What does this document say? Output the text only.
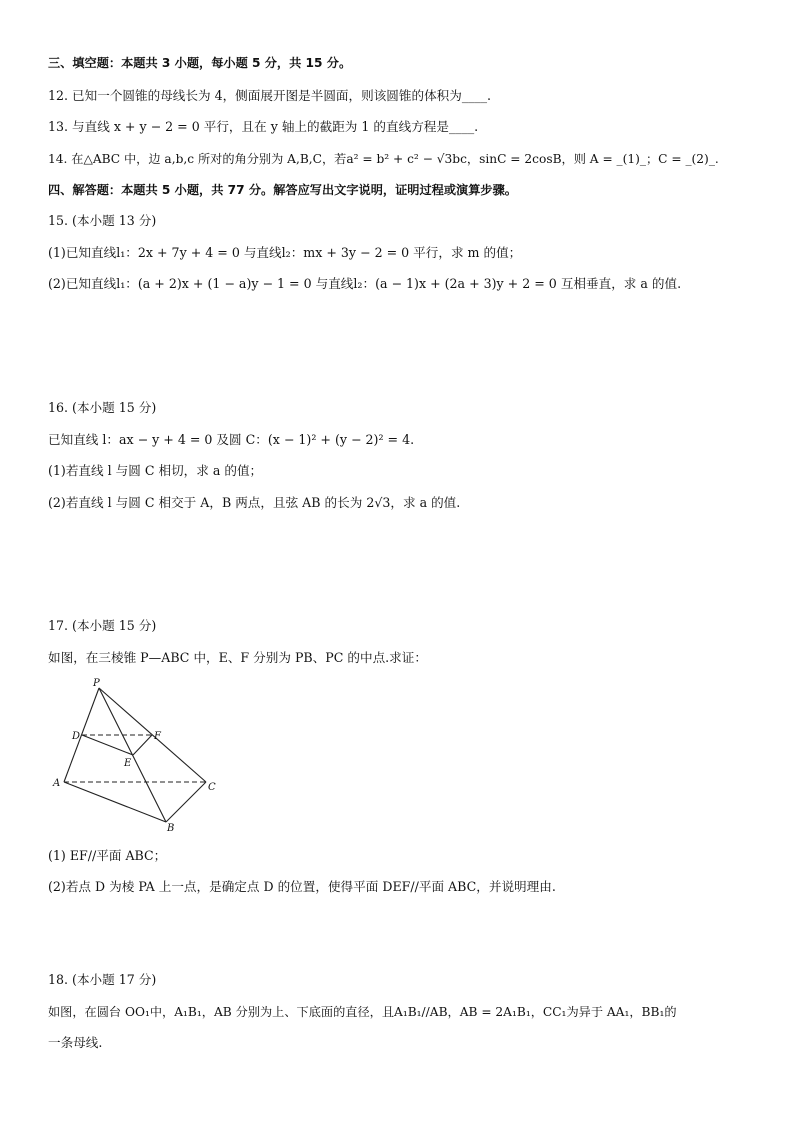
三、填空题：本题共 3 小题，每小题 5 分，共 15 分。
12. 已知一个圆锥的母线长为 4，侧面展开图是半圆面，则该圆锥的体积为____.
13. 与直线 x + y − 2 = 0 平行，且在 y 轴上的截距为 1 的直线方程是____.
14. 在△ABC 中，边 a,b,c 所对的角分别为 A,B,C，若a² = b² + c² − √3bc，sinC = 2cosB，则 A = _(1)_；C = _(2)_.
四、解答题：本题共 5 小题，共 77 分。解答应写出文字说明，证明过程或演算步骤。
15. (本小题 13 分)
(1)已知直线l₁：2x + 7y + 4 = 0 与直线l₂：mx + 3y − 2 = 0 平行，求 m 的值；
(2)已知直线l₁：(a + 2)x + (1 − a)y − 1 = 0 与直线l₂：(a − 1)x + (2a + 3)y + 2 = 0 互相垂直，求 a 的值.
16. (本小题 15 分)
已知直线 l：ax − y + 4 = 0 及圆 C：(x − 1)² + (y − 2)² = 4.
(1)若直线 l 与圆 C 相切，求 a 的值；
(2)若直线 l 与圆 C 相交于 A，B 两点，且弦 AB 的长为 2√3，求 a 的值.
17. (本小题 15 分)
如图，在三棱锥 P—ABC 中，E、F 分别为 PB、PC 的中点.求证：
P
D	F
E
A	C
B
(1) EF//平面 ABC；
(2)若点 D 为棱 PA 上一点，是确定点 D 的位置，使得平面 DEF//平面 ABC，并说明理由.
18. (本小题 17 分)
如图，在圆台 OO₁中，A₁B₁，AB 分别为上、下底面的直径，且A₁B₁//AB，AB = 2A₁B₁，CC₁为异于 AA₁，BB₁的
一条母线.
